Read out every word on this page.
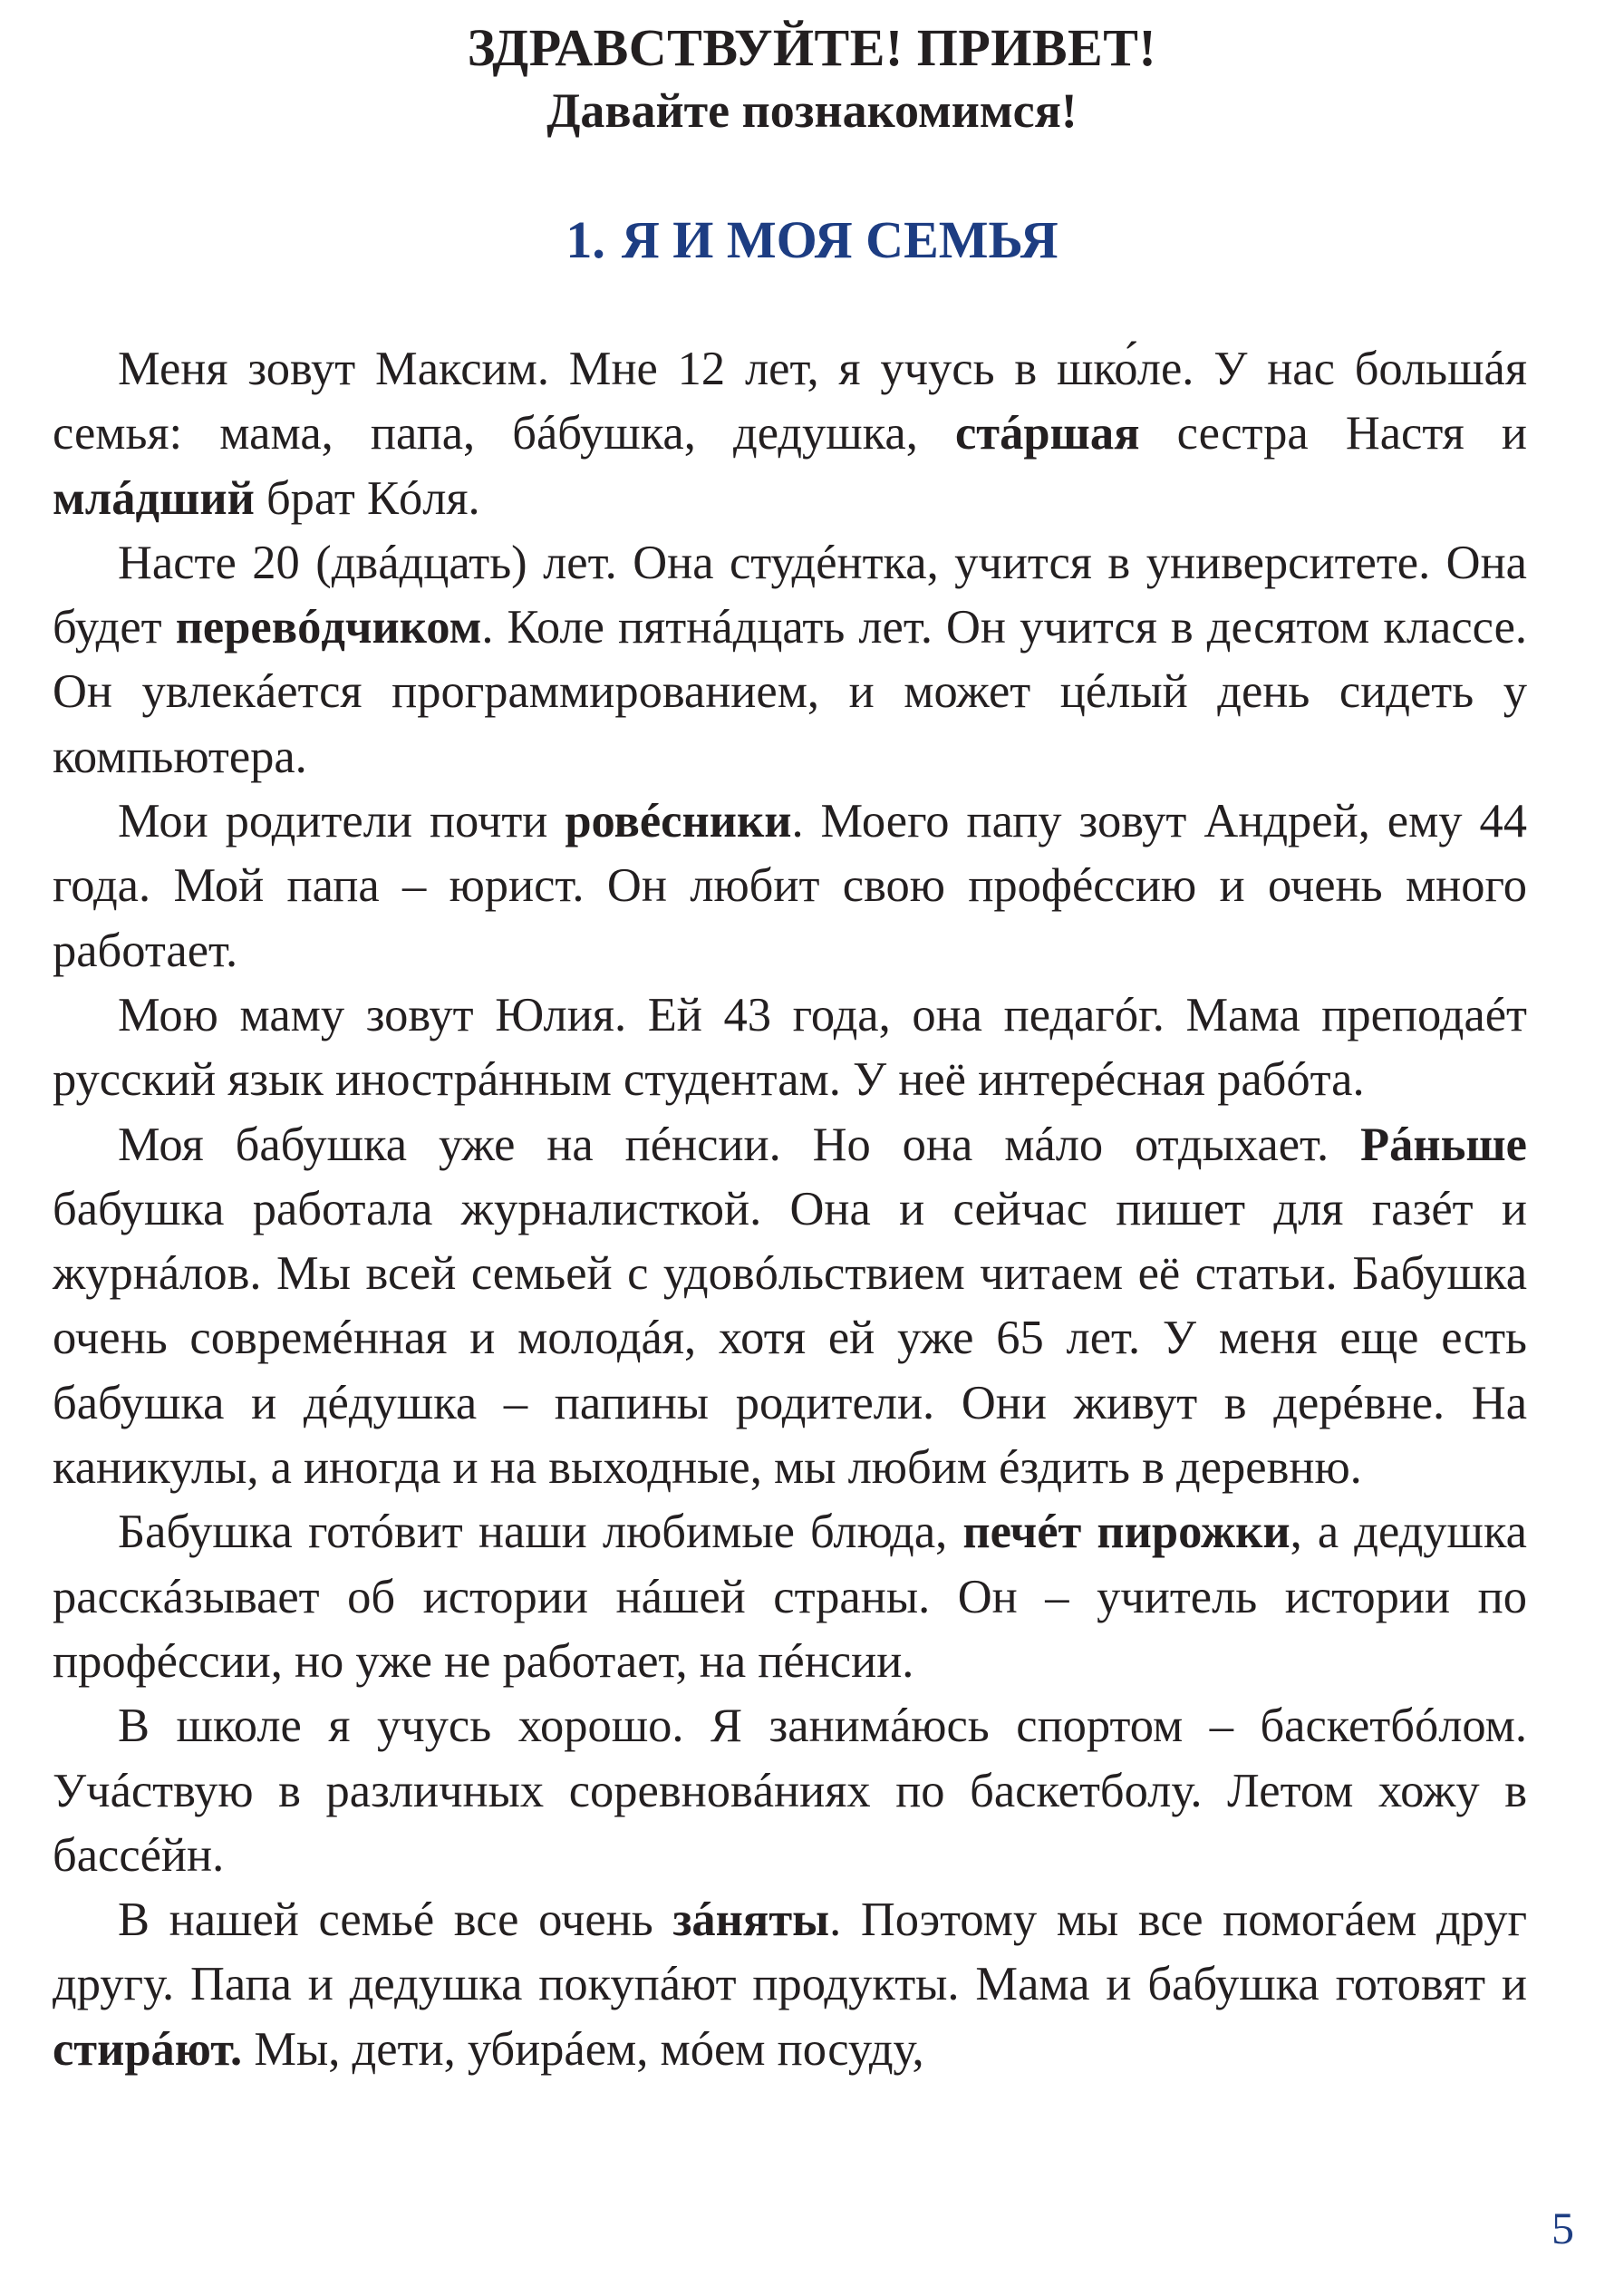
ЗДРАВСТВУЙТЕ! ПРИВЕТ!
Давайте познакомимся!
1. Я И МОЯ СЕМЬЯ

Меня зовут Максим. Мне 12 лет, я учусь в шко́ле. У нас большáя семья: мама, папа, бáбушка, дедушка, стáршая сестра Настя и млáдший брат Кóля.

Насте 20 (двáдцать) лет. Она студéнтка, учится в университете. Она будет перевóдчиком. Коле пятнáдцать лет. Он учится в десятом классе. Он увлекáется программированием, и может цéлый день сидеть у компьютера.

Мои родители почти ровéсники. Моего папу зовут Андрей, ему 44 года. Мой папа – юрист. Он любит свою профéссию и очень много работает.

Мою маму зовут Юлия. Ей 43 года, она педагóг. Мама преподаéт русский язык инострáнным студентам. У неё интерéсная рабóта.

Моя бабушка уже на пéнсии. Но она мáло отдыхает. Рáньше бабушка работала журналисткой. Она и сейчас пишет для газéт и журнáлов. Мы всей семьей с удовóльствием читаем её статьи. Бабушка очень совремéнная и молодáя, хотя ей уже 65 лет. У меня еще есть бабушка и дéдушка – папины родители. Они живут в дерéвне. На каникулы, а иногда и на выходные, мы любим éздить в деревню.

Бабушка готóвит наши любимые блюда, печéт пирожки, а дедушка расскáзывает об истории нáшей страны. Он – учитель истории по профéссии, но уже не работает, на пéнсии.

В школе я учусь хорошо. Я занимáюсь спортом – баскетбóлом. Учáствую в различных соревновáниях по баскетболу. Летом хожу в бассéйн.

В нашей семьé все очень зáняты. Поэтому мы все помогáем друг другу. Папа и дедушка покупáют продукты. Мама и бабушка готовят и стирáют. Мы, дети, убирáем, мóем посуду,

5
